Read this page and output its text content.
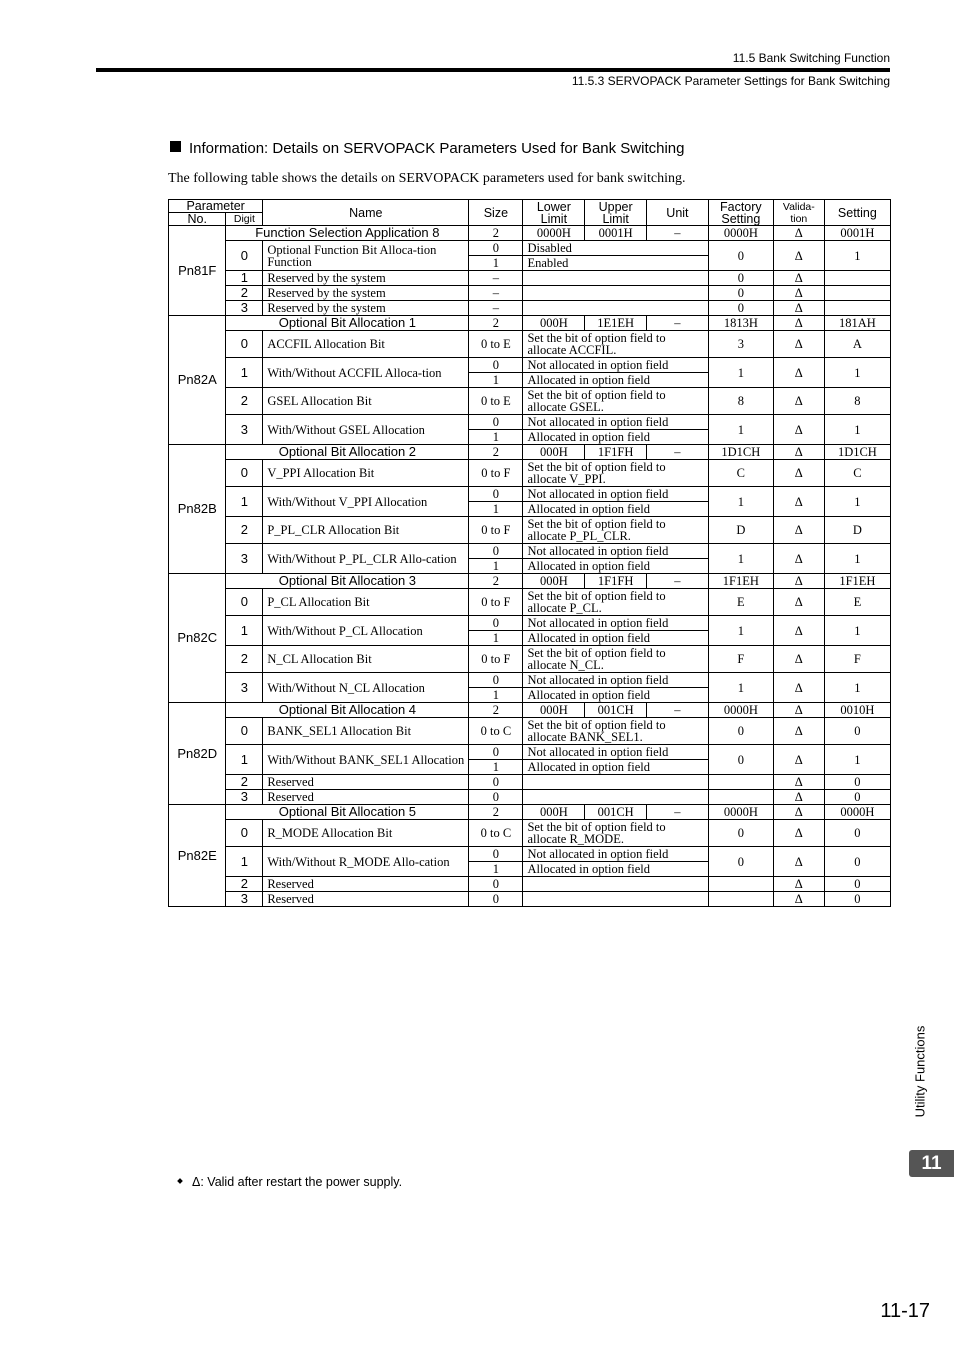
11.5 Bank Switching Function
11.5.3 SERVOPACK Parameter Settings for Bank Switching
Information: Details on SERVOPACK Parameters Used for Bank Switching
The following table shows the details on SERVOPACK parameters used for bank switching.
Parameter		Name	Size	Lower Limit	Upper Limit	Unit	Factory Setting	Valida-tion	Setting
No.	Digit								
Pn81F	Function Selection Application 8		2	0000H	0001H	–	0000H	Δ	0001H
	0	Optional Function Bit Alloca-tion Function	0	Disabled			0	Δ	1
			1	Enabled					
	1	Reserved by the system	–				0	Δ	
	2	Reserved by the system	–				0	Δ	
	3	Reserved by the system	–				0	Δ	
Pn82A	Optional Bit Allocation 1		2	000H	1E1EH	–	1813H	Δ	181AH
	0	ACCFIL Allocation Bit	0 to E	Set the bit of option field to allocate ACCFIL.			3	Δ	A
	1	With/Without ACCFIL Alloca-tion	0	Not allocated in option field			1	Δ	1
			1	Allocated in option field					
	2	GSEL Allocation Bit	0 to E	Set the bit of option field to allocate GSEL.			8	Δ	8
	3	With/Without GSEL Allocation	0	Not allocated in option field			1	Δ	1
			1	Allocated in option field					
Pn82B	Optional Bit Allocation 2		2	000H	1F1FH	–	1D1CH	Δ	1D1CH
	0	V_PPI Allocation Bit	0 to F	Set the bit of option field to allocate V_PPI.			C	Δ	C
	1	With/Without V_PPI Allocation	0	Not allocated in option field			1	Δ	1
			1	Allocated in option field					
	2	P_PL_CLR Allocation Bit	0 to F	Set the bit of option field to allocate P_PL_CLR.			D	Δ	D
	3	With/Without P_PL_CLR Allo-cation	0	Not allocated in option field			1	Δ	1
			1	Allocated in option field					
Pn82C	Optional Bit Allocation 3		2	000H	1F1FH	–	1F1EH	Δ	1F1EH
	0	P_CL Allocation Bit	0 to F	Set the bit of option field to allocate P_CL.			E	Δ	E
	1	With/Without P_CL Allocation	0	Not allocated in option field			1	Δ	1
			1	Allocated in option field					
	2	N_CL Allocation Bit	0 to F	Set the bit of option field to allocate N_CL.			F	Δ	F
	3	With/Without N_CL Allocation	0	Not allocated in option field			1	Δ	1
			1	Allocated in option field					
Pn82D	Optional Bit Allocation 4		2	000H	001CH	–	0000H	Δ	0010H
	0	BANK_SEL1 Allocation Bit	0 to C	Set the bit of option field to allocate BANK_SEL1.			0	Δ	0
	1	With/Without BANK_SEL1 Allocation	0	Not allocated in option field			0	Δ	1
			1	Allocated in option field					
	2	Reserved	0					Δ	0
	3	Reserved	0					Δ	0
Pn82E	Optional Bit Allocation 5		2	000H	001CH	–	0000H	Δ	0000H
	0	R_MODE Allocation Bit	0 to C	Set the bit of option field to allocate R_MODE.			0	Δ	0
	1	With/Without R_MODE Allo-cation	0	Not allocated in option field			0	Δ	0
			1	Allocated in option field					
	2	Reserved	0					Δ	0
	3	Reserved	0					Δ	0
Δ: Valid after restart the power supply.
Utility Functions
11
11-17
